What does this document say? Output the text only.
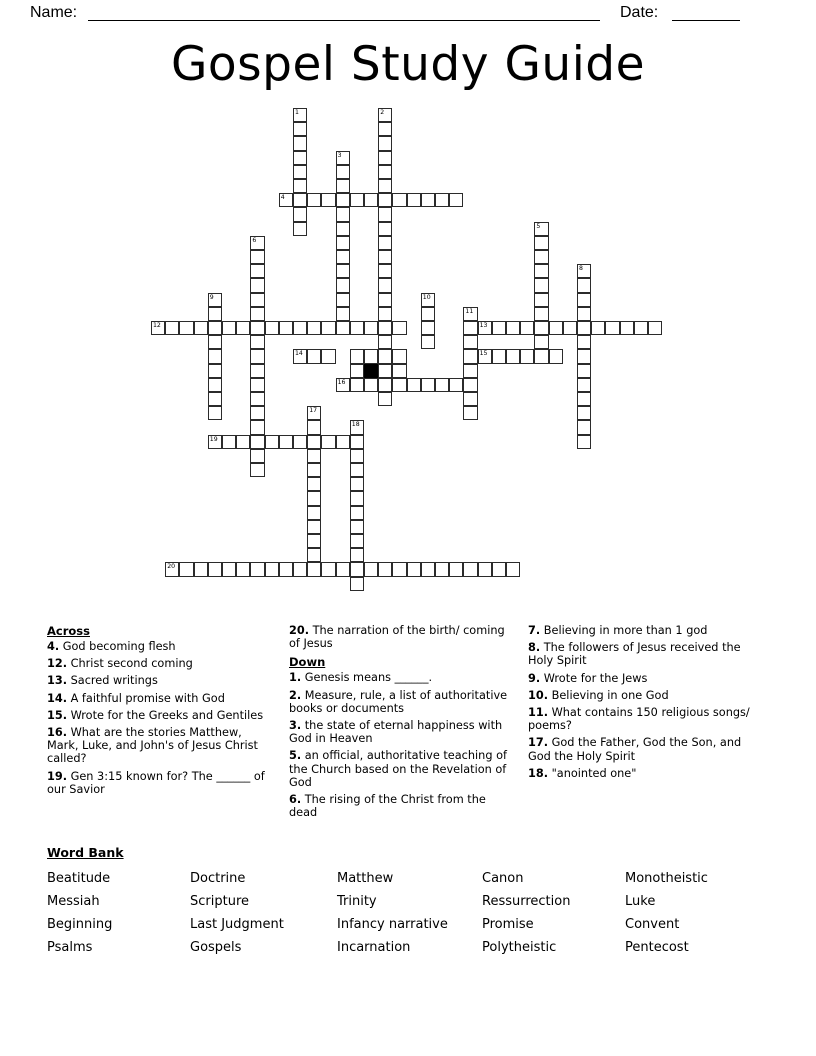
Name:	Date:
Gospel Study Guide
1	2
3
4
5
6
8
9	10
11
12	13
14	15
16
17
18
19
20
Across

4. God becoming flesh

12. Christ second coming

13. Sacred writings

14. A faithful promise with God

15. Wrote for the Greeks and Gentiles

16. What are the stories Matthew, Mark, Luke, and John's of Jesus Christ called?

19. Gen 3:15 known for? The ______ of our Savior

20. The narration of the birth/ coming of Jesus

Down

1. Genesis means ______.

2. Measure, rule, a list of authoritative books or documents

3. the state of eternal happiness with God in Heaven

5. an official, authoritative teaching of the Church based on the Revelation of God

6. The rising of the Christ from the dead

7. Believing in more than 1 god

8. The followers of Jesus received the Holy Spirit

9. Wrote for the Jews

10. Believing in one God

11. What contains 150 religious songs/ poems?

17. God the Father, God the Son, and God the Holy Spirit

18. "anointed one"

Word Bank
Beatitude	Doctrine	Matthew	Canon	Monotheistic
Messiah	Scripture	Trinity	Ressurrection	Luke
Beginning	Last Judgment	Infancy narrative	Promise	Convent
Psalms	Gospels	Incarnation	Polytheistic	Pentecost
